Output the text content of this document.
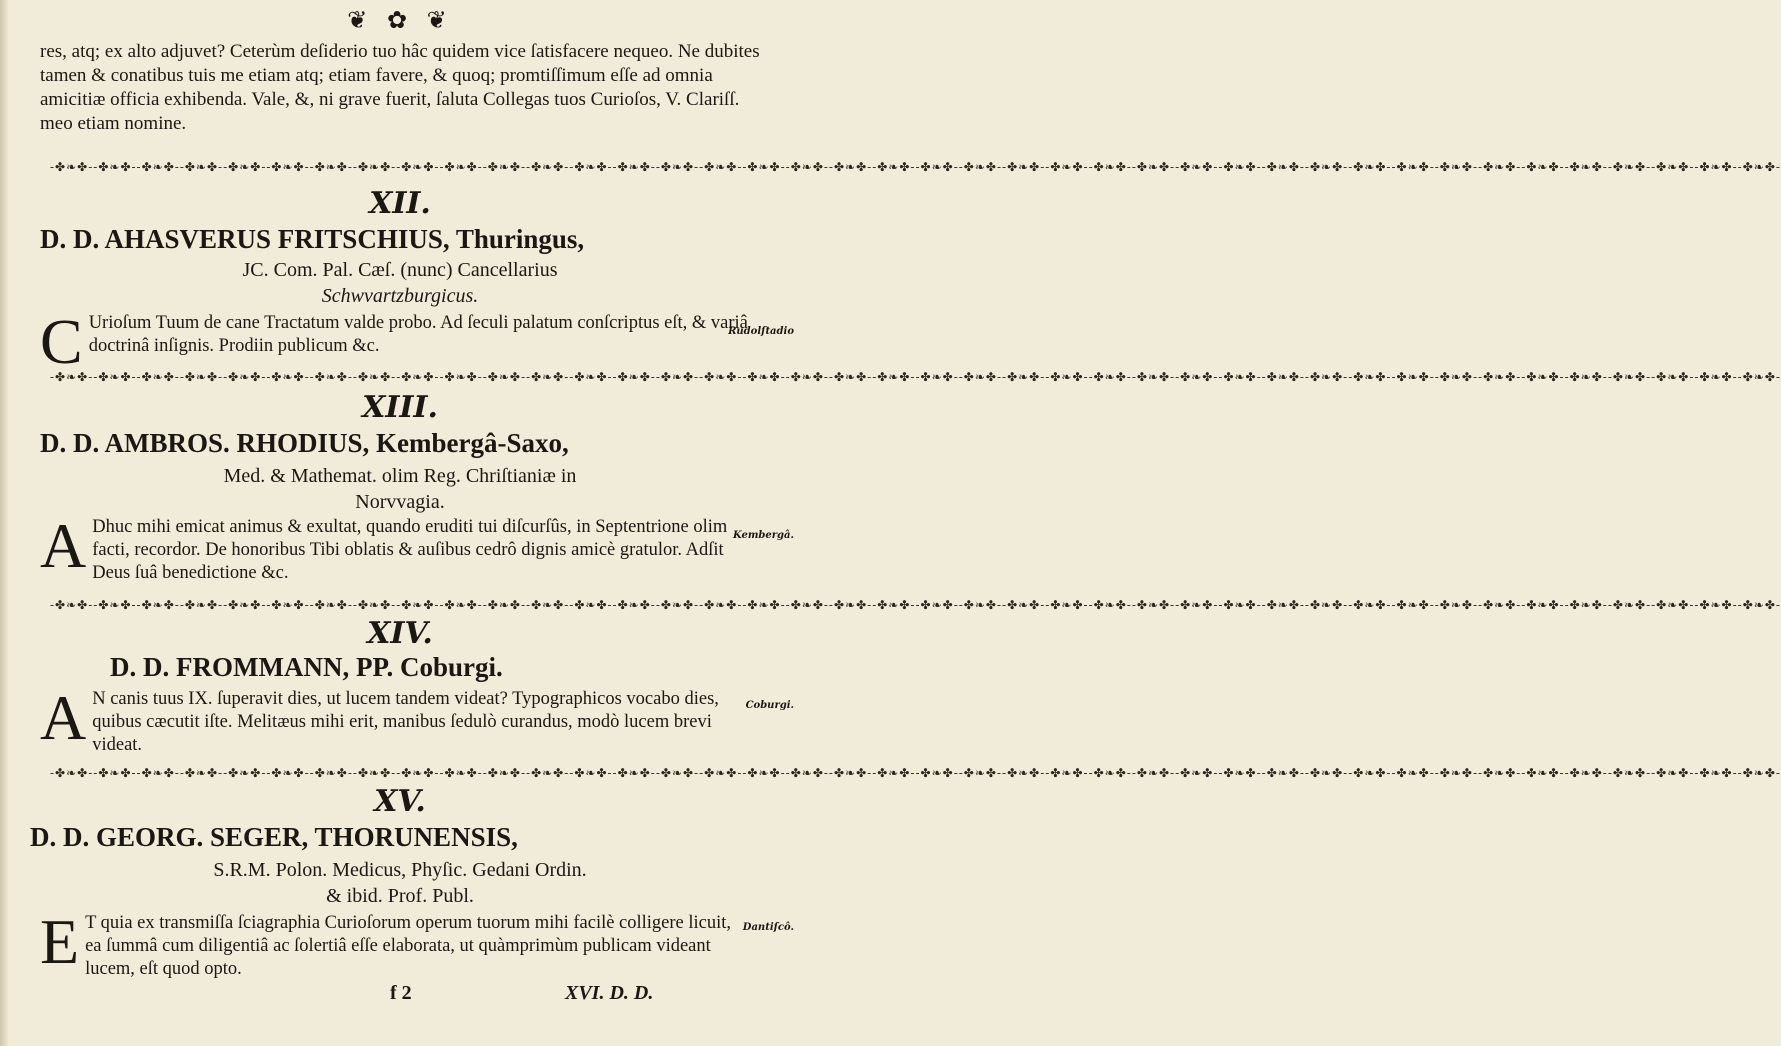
❦ ✿ ❦

res, atq; ex alto adjuvet? Ceterùm deſiderio tuo hâc quidem vice ſatisfacere nequeo. Ne dubites tamen & conatibus tuis me etiam atq; etiam favere, & quoq; promtiſſimum eſſe ad omnia amicitiæ officia exhibenda. Vale, &, ni grave fuerit, ſaluta Collegas tuos Curioſos, V. Clariſſ. meo etiam nomine.

-✤❧✤--✤❧✤--✤❧✤--✤❧✤--✤❧✤--✤❧✤--✤❧✤--✤❧✤--✤❧✤--✤❧✤--✤❧✤--✤❧✤--✤❧✤--✤❧✤--✤❧✤--✤❧✤--✤❧✤--✤❧✤--✤❧✤--✤❧✤--✤❧✤--✤❧✤--✤❧✤--✤❧✤--✤❧✤--✤❧✤--✤❧✤--✤❧✤--✤❧✤--✤❧✤--✤❧✤--✤❧✤--✤❧✤--✤❧✤--✤❧✤--✤❧✤--✤❧✤--✤❧✤--✤❧✤--✤❧✤-
XII.
D. D. AHASVERUS FRITSCHIUS, Thuringus,
JC. Com. Pal. Cæſ. (nunc) Cancellarius
Schwvartzburgicus.
C Urioſum Tuum de cane Tractatum valde probo. Ad ſeculi palatum conſcriptus eſt, & variâ doctrinâ inſignis. Prodiin publicum &c.
Rudolſtadio
-✤❧✤--✤❧✤--✤❧✤--✤❧✤--✤❧✤--✤❧✤--✤❧✤--✤❧✤--✤❧✤--✤❧✤--✤❧✤--✤❧✤--✤❧✤--✤❧✤--✤❧✤--✤❧✤--✤❧✤--✤❧✤--✤❧✤--✤❧✤--✤❧✤--✤❧✤--✤❧✤--✤❧✤--✤❧✤--✤❧✤--✤❧✤--✤❧✤--✤❧✤--✤❧✤--✤❧✤--✤❧✤--✤❧✤--✤❧✤--✤❧✤--✤❧✤--✤❧✤--✤❧✤--✤❧✤--✤❧✤-
XIII.
D. D. AMBROS. RHODIUS, Kembergâ-Saxo,
Med. & Mathemat. olim Reg. Chriſtianiæ in
Norvvagia.
A Dhuc mihi emicat animus & exultat, quando eruditi tui diſcurſûs, in Septentrione olim facti, recordor. De honoribus Tibi oblatis & auſibus cedrô dignis amicè gratulor. Adſit Deus ſuâ benedictione &c.
Kembergâ.
-✤❧✤--✤❧✤--✤❧✤--✤❧✤--✤❧✤--✤❧✤--✤❧✤--✤❧✤--✤❧✤--✤❧✤--✤❧✤--✤❧✤--✤❧✤--✤❧✤--✤❧✤--✤❧✤--✤❧✤--✤❧✤--✤❧✤--✤❧✤--✤❧✤--✤❧✤--✤❧✤--✤❧✤--✤❧✤--✤❧✤--✤❧✤--✤❧✤--✤❧✤--✤❧✤--✤❧✤--✤❧✤--✤❧✤--✤❧✤--✤❧✤--✤❧✤--✤❧✤--✤❧✤--✤❧✤--✤❧✤-
XIV.
D. D. FROMMANN, PP. Coburgi.
A N canis tuus IX. ſuperavit dies, ut lucem tandem videat? Typographicos vocabo dies, quibus cæcutit iſte. Melitæus mihi erit, manibus ſedulò curandus, modò lucem brevi videat.
Coburgi.
-✤❧✤--✤❧✤--✤❧✤--✤❧✤--✤❧✤--✤❧✤--✤❧✤--✤❧✤--✤❧✤--✤❧✤--✤❧✤--✤❧✤--✤❧✤--✤❧✤--✤❧✤--✤❧✤--✤❧✤--✤❧✤--✤❧✤--✤❧✤--✤❧✤--✤❧✤--✤❧✤--✤❧✤--✤❧✤--✤❧✤--✤❧✤--✤❧✤--✤❧✤--✤❧✤--✤❧✤--✤❧✤--✤❧✤--✤❧✤--✤❧✤--✤❧✤--✤❧✤--✤❧✤--✤❧✤--✤❧✤-
XV.
D. D. GEORG. SEGER, THORUNENSIS,
S.R.M. Polon. Medicus, Phyſic. Gedani Ordin.
& ibid. Prof. Publ.
E T quia ex transmiſſa ſciagraphia Curioſorum operum tuorum mihi facilè colligere licuit, ea ſummâ cum diligentiâ ac ſolertiâ eſſe elaborata, ut quàmprimùm publicam videant lucem, eſt quod opto.
Dantiſcô.
f 2	XVI. D. D.
